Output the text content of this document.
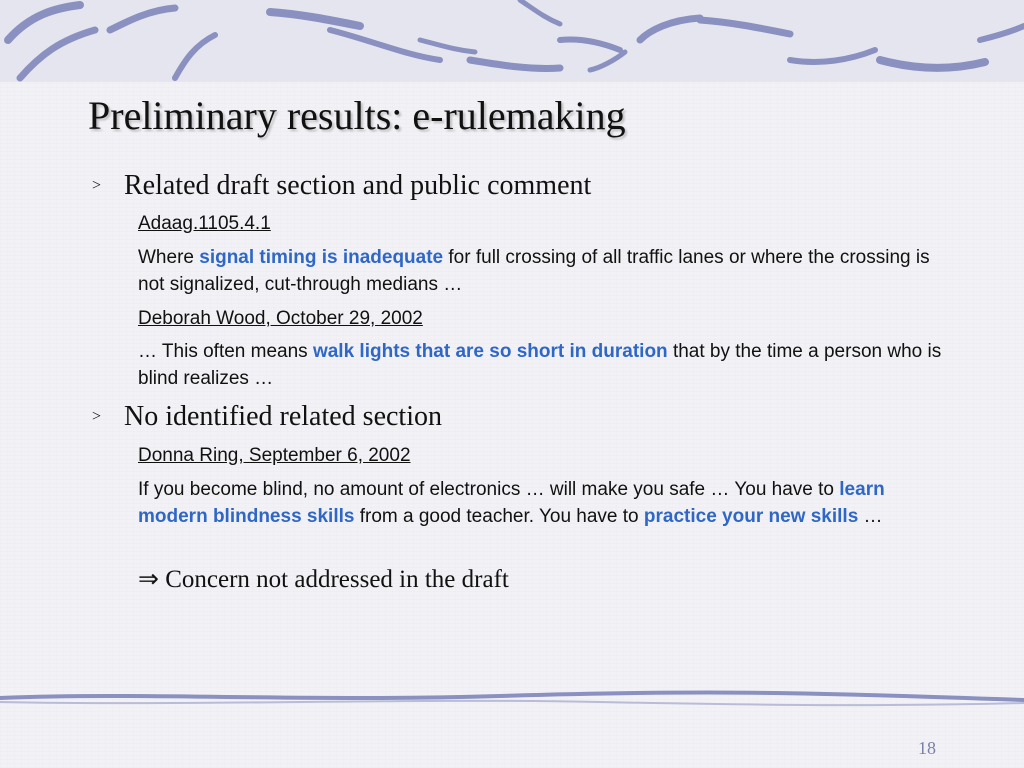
Preliminary results: e-rulemaking
> Related draft section and public comment
Adaag.1105.4.1
Where signal timing is inadequate for full crossing of all traffic lanes or where the crossing is not signalized, cut-through medians …
Deborah Wood, October 29, 2002
… This often means walk lights that are so short in duration that by the time a person who is blind realizes …
> No identified related section
Donna Ring, September 6, 2002
If you become blind, no amount of electronics … will make you safe … You have to learn modern blindness skills from a good teacher. You have to practice your new skills …
⇒ Concern not addressed in the draft
18
